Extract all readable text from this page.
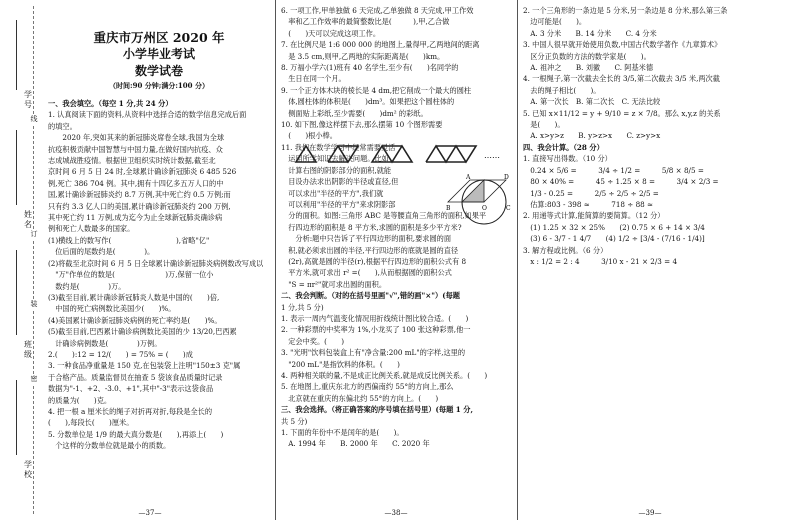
学号
姓名
班级
学校
线
订
装
密

重庆市万州区 2020 年

小学毕业考试

数学试卷

（时间:90 分钟;满分:100 分）

一、我会填空。（每空 1 分,共 24 分）

1. 认真阅读下面的资料,从资料中选择合适的数学信息完成后面

的填空。

　　2020 年,突如其来的新冠肺炎席卷全球,我国为全球

抗疫积极贡献中国智慧与中国力量,在做好国内抗疫、众

志成城战胜疫情。根据世卫组织实时统计数据,截至北

京时间 6 月 5 日 24 时,全球累计确诊新冠肺炎 6 485 526

例,死亡 386 704 例。其中,拥有十四亿多五万人口的中

国,累计确诊新冠肺炎约 8.7 万例,其中死亡约 0.5 万例;而

只有约 3.3 亿人口的美国,累计确诊新冠肺炎约 200 万例,

其中死亡约 11 万例,成为迄今为止全球新冠肺炎确诊病

例和死亡人数最多的国家。

(1)横线上的数写作(　　　　　　　　　),省略"亿"

　位后面的尾数约是(　　　　)。

(2)将截至北京时间 6 月 5 日全球累计确诊新冠肺炎病例数改写成以

　"万"作单位的数是(　　　　　　　)万,保留一位小

　数约是(　　　　)万。

(3)截至目前,累计确诊新冠肺炎人数是中国的(　　)倍,

　中国的死亡病例数比美国少(　　)%。

(4)美国累计确诊新冠肺炎病例的死亡率约是(　　)%。

(5)截至目前,巴西累计确诊病例数比美国的少 13/20,巴西累

　计确诊病例数是(　　　　)万例。

2.(　　):12 = 12/(　　) = 75% = (　　)成

3. 一种食品净重量是 150 克,在包装袋上注明"150±3 克"属

于合格产品。质量监督员在抽查 5 袋该食品质量时记录

数据为"-1、+2、-3.0、+1",其中"-3"表示这袋食品

的质量为(　　)克。

4. 把一根 a 厘米长的绳子对折再对折,每段是全长的

(　　),每段长(　　)厘米。

5. 分数单位是 1/9 的最大真分数是(　　),再添上(　　)

　个这样的分数单位就是最小的质数。

6. 一项工作,甲单独做 6 天完成,乙单独做 8 天完成,甲工作效

　率和乙工作效率的最简整数比是(　　　),甲,乙合做

　(　　)天可以完成这项工作。

7. 在比例尺是 1:6 000 000 的地图上,量得甲,乙两地间的距离

　是 3.5 cm,则甲,乙两地的实际距离是(　　)km。

8. 万福小学六(1)班有 40 名学生,至少有(　　)名同学的

　生日在同一个月。

9. 一个正方体木块的棱长是 4 dm,把它削成一个最大的圆柱

　体,圆柱体的体积是(　　)dm³。如果把这个圆柱体的

　侧面贴上彩纸,至少需要(　　)dm² 的彩纸。

10. 如下图,像这样摆下去,那么摆第 10 个图形需要

　(　　)根小棒。

11. 我们在数学学习中经常需要灵活

　运用所学知识去解决问题。比如

　计算右图的阴影部分的面积,就能

　目设办法求出阴影的半径或直径,但

　可以求出"半径的平方",我们就

　可以利用"半径的平方"来求阴影部

　分的面积。如图:三角形 ABC 是等腰直角三角形的面积,如果平

　行四边形的面积是 8 平方米,求圆的面积是多少平方米?

　　分析:题中只告诉了平行四边形的面积,要求圆的面

　积,就必须求出圆的半径,平行四边形的底就是圆的直径

　(2r),高就是圆的半径(r),根据平行四边形的面积公式有 8

　平方米,就可求出 r² =(　　),从而根据圆的面积公式

　"S = πr²"就可求出圆的面积。

二、我会判断。（对的在括号里画"√",错的画"×"）(每题

1 分,共 5 分)

1. 表示一周内气温变化情况用折线统计图比较合适。(　　)

2. 一种彩票的中奖率为 1%,小龙买了 100 张这种彩票,他一

　定会中奖。(　　)

3. "光明"饮料包装盒上有"净含量:200 mL"的字样,这里的

　"200 mL"是指饮料的体积。(　　)

4. 两种相关联的量,不是成正比例关系,就是成反比例关系。(　　)

5. 在地图上,重庆东北方的西偏南约 55°的方向上,那么

　北京就在重庆的东偏北约 55°的方向上。(　　)

三、我会选择。（将正确答案的序号填在括号里）(每题 1 分,

共 5 分)

1. 下面的年份中不是闰年的是(　　)。

　A. 1994 年　　B. 2000 年　　C. 2020 年

……
B	O	C
A	D

2. 一个三角形的一条边是 5 分米,另一条边是 8 分米,那么第三条

　边可能是(　　)。

　A. 3 分米　　B. 14 分米　　C. 4 分米

3. 中国人很早就开始使用负数,中国古代数学著作《九章算术》

　区分正负数的方法的数学家是(　　)。

　A. 祖冲之　　B. 刘徽　　C. 阿基米德

4. 一根绳子,第一次截去全长的 3/5,第二次截去 3/5 米,两次截

　去的绳子相比(　　)。

　A. 第一次长　B. 第二次长　C. 无法比较

5. 已知 x×11/12 = y + 9/10 = z × 7/8。那么 x,y,z 的关系

　是(　　)。

　A. x>y>z　　B. y>z>x　　C. z>y>x

四、我会计算。（28 分）

1. 直接写出得数。（10 分）

　0.24 × 5/6 =　　　3/4 ÷ 1/2 =　　　5/8 × 8/5 =

　80 × 40% =　　　45 ÷ 1.25 × 8 =　　　3/4 × 2/3 =

　1/3 - 0.25 =　　　2/5 ÷ 2/5 ÷ 2/5 =

　估算:803 - 398 ≈　　　718 ÷ 88 ≈

2. 用递等式计算,能简算的要简算。（12 分）

　(1) 1.25 × 32 × 25%　　(2) 0.75 × 6 + 14 × 3/4

　(3) 6 - 3/7 - 1 4/7　　(4) 1/2 ÷ [3/4 - (7/16 - 1/4)]

3. 解方程或比例。（6 分）

　x : 1/2 = 2 : 4　　　3/10 x - 21 × 2/3 = 4

—37—	—38—	—39—
